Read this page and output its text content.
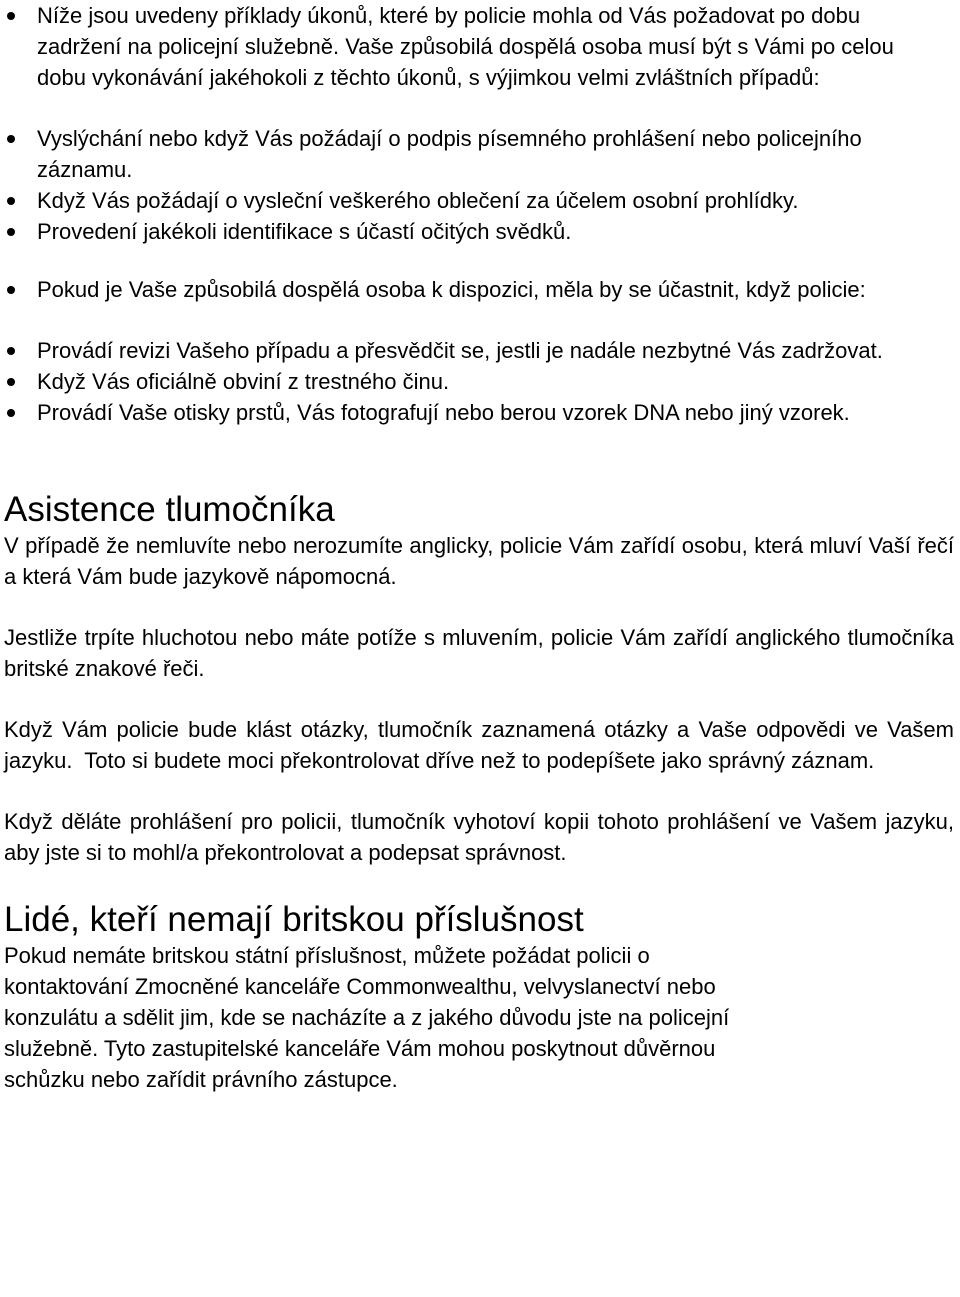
Níže jsou uvedeny příklady úkonů, které by policie mohla od Vás požadovat po dobu zadržení na policejní služebně. Vaše způsobilá dospělá osoba musí být s Vámi po celou dobu vykonávání jakéhokoli z těchto úkonů, s výjimkou velmi zvláštních případů:
Vyslýchání nebo když Vás požádají o podpis písemného prohlášení nebo policejního záznamu.
Když Vás požádají o vysleční veškerého oblečení za účelem osobní prohlídky.
Provedení jakékoli identifikace s účastí očitých svědků.
Pokud je Vaše způsobilá dospělá osoba k dispozici, měla by se účastnit, když policie:
Provádí revizi Vašeho případu a přesvědčit se, jestli je nadále nezbytné Vás zadržovat.
Když Vás oficiálně obviní z trestného činu.
Provádí Vaše otisky prstů, Vás fotografují nebo berou vzorek DNA nebo jiný vzorek.
Asistence tlumočníka

V případě že nemluvíte nebo nerozumíte anglicky, policie Vám zařídí osobu, která mluví Vaší řečí a která Vám bude jazykově nápomocná.

Jestliže trpíte hluchotou nebo máte potíže s mluvením, policie Vám zařídí anglického tlumočníka britské znakové řeči.

Když Vám policie bude klást otázky, tlumočník zaznamená otázky a Vaše odpovědi ve Vašem jazyku.  Toto si budete moci překontrolovat dříve než to podepíšete jako správný záznam.

Když děláte prohlášení pro policii, tlumočník vyhotoví kopii tohoto prohlášení ve Vašem jazyku, aby jste si to mohl/a překontrolovat a podepsat správnost.

Lidé, kteří nemají britskou příslušnost
Pokud nemáte britskou státní příslušnost, můžete požádat policii o
kontaktování Zmocněné kanceláře Commonwealthu, velvyslanectví nebo
konzulátu a sdělit jim, kde se nacházíte a z jakého důvodu jste na policejní
služebně. Tyto zastupitelské kanceláře Vám mohou poskytnout důvěrnou
schůzku nebo zařídit právního zástupce.
